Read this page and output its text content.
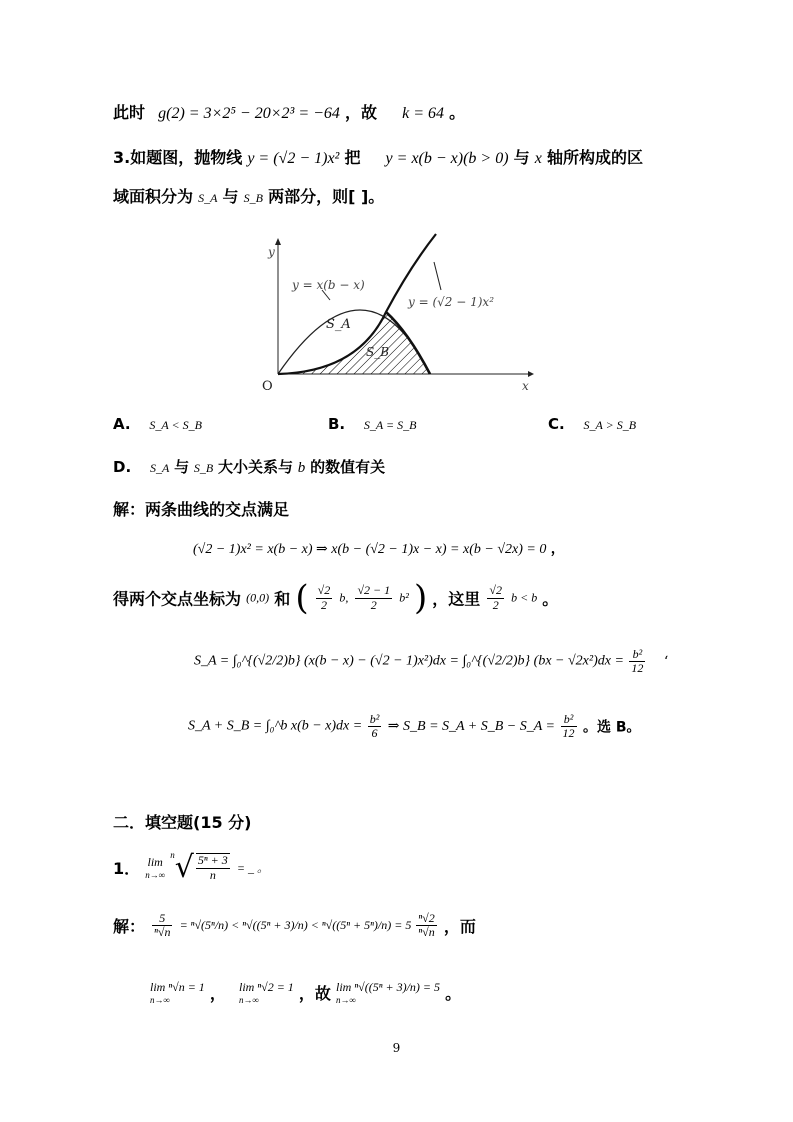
此时 g(2) = 3×2⁵ − 20×2³ = −64 ，故 k = 64 。
3.如题图，抛物线 y = (√2 − 1)x² 把 y = x(b − x)(b > 0) 与 x 轴所构成的区
域面积分为 S_A 与 S_B 两部分，则[ ]。
y
x
O
y = x(b − x)
y = (√2 − 1)x²
S_A
S_B
A. S_A < S_B	B. S_A = S_B	C. S_A > S_B
D. S_A 与 S_B 大小关系与 b 的数值有关
解：两条曲线的交点满足
(√2 − 1)x² = x(b − x) ⇒ x(b − (√2 − 1)x − x) = x(b − √2x) = 0 ，
得两个交点坐标为 (0,0) 和 ( $\frac{√2}{2} b$, $\frac{√2 - 1}{2} b^2$ ) ，这里 $\frac{√2}{2}$ b < b 。
S_A = ∫₀^{(√2/2)b} (x(b − x) − (√2 − 1)x²)dx = ∫₀^{(√2/2)b} $(bx - √2x^2)dx = \frac{\text{b²}}{12}$ ‘
S_A + S_B = ∫₀^b $x(b - x)dx = \frac{\text{b²}}{6}$ ⇒ S_B = S_A + S_B − S_A = $\frac{\text{b²}}{12}$ 。选 B。
二．填空题(15 分)
1． lim
n→∞
$^n√ \frac{\text{5ⁿ + 3}}{n}$ = _ 。
解： $\frac{5}{\text{ⁿ√n}} = ^n√(5^n/n) < ^n√((5^n + 3)/n) < ^n√((5^n + 5^n)/n) = 5 \frac{\text{ⁿ√2}}{\text{ⁿ√n}}$ ，而
lim ⁿ√n = 1
n→∞	， lim ⁿ√2 = 1
n→∞	，故 lim ⁿ√((5ⁿ + 3)/n) = 5
n→∞	。
9
